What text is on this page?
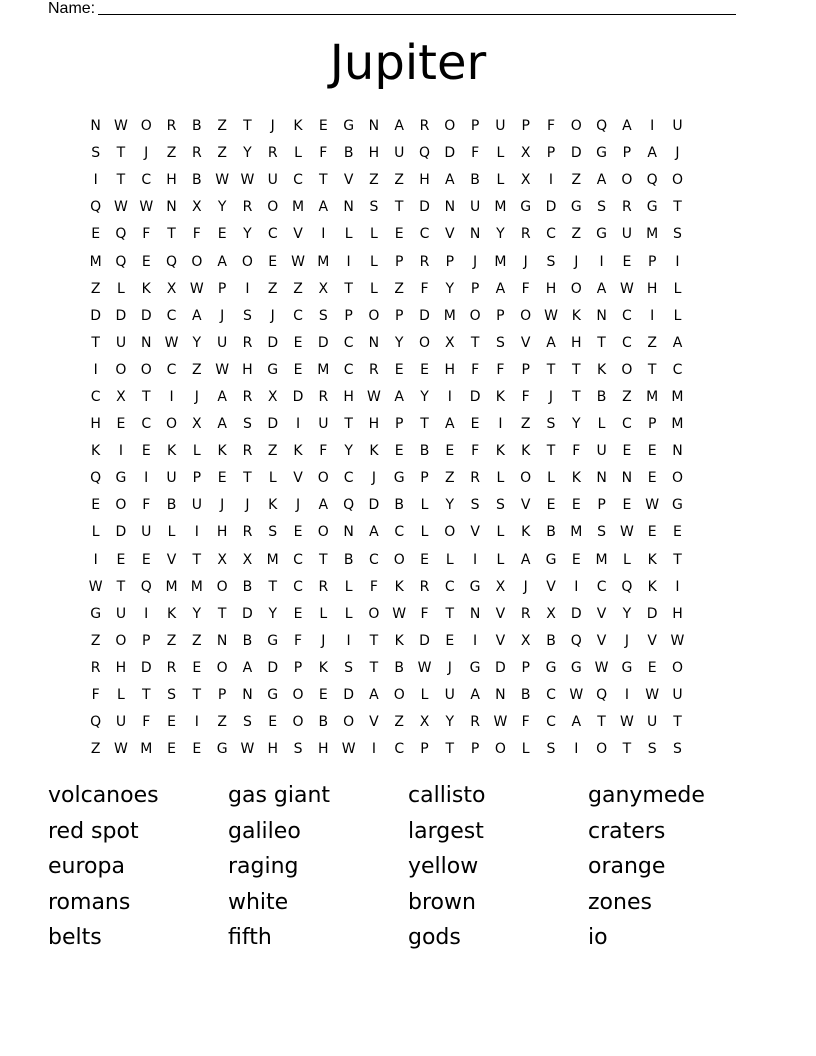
Name:
Jupiter
N W O	R	B	Z	T	J	K	E	G	N	A	R	O	P	U	P	F	O	Q	A	I	U
S	T	J	Z	R	Z	Y	R	L	F	B	H	U	Q	D	F	L	X	P	D	G	P	A	J
I	T	C	H	B W W U	C	T	V	Z	Z	H	A	B	L	X	I	Z	A	O	Q	O
Q W W N	X	Y	R	O M	A	N	S	T	D	N	U	M G	D	G	S	R	G	T
E	Q	F	T	F	E	Y	C	V	I	L	L	E	C	V	N	Y	R	C	Z	G	U	M	S
M Q	E	Q	O	A	O	E W M	I	L	P	R	P	J	M	J	S	J	I	E	P	I
Z	L	K	X W	P	I	Z	Z	X	T	L	Z	F	Y	P	A	F	H	O	A W H	L
D	D	D	C	A	J	S	J	C	S	P	O	P	D M O	P	O W K	N	C	I	L
T	U	N W	Y	U	R	D	E	D	C	N	Y	O	X	T	S	V	A	H	T	C	Z	A
I	O	O	C	Z W H	G	E	M	C	R	E	E	H	F	F	P	T	T	K	O	T	C
C	X	T	I	J	A	R	X	D	R	H W A	Y	I	D	K	F	J	T	B	Z	M M
H	E	C	O	X	A	S	D	I	U	T	H	P	T	A	E	I	Z	S	Y	L	C	P	M
K	I	E	K	L	K	R	Z	K	F	Y	K	E	B	E	F	K	K	T	F	U	E	E	N
Q	G	I	U	P	E	T	L	V	O	C	J	G	P	Z	R	L	O	L	K	N	N	E	O
E	O	F	B	U	J	J	K	J	A	Q	D	B	L	Y	S	S	V	E	E	P	E W G
L	D	U	L	I	H	R	S	E	O	N	A	C	L	O	V	L	K	B	M	S W E	E
I	E	E	V	T	X	X	M	C	T	B	C	O	E	L	I	L	A	G	E	M	L	K	T
W	T	Q M M O	B	T	C	R	L	F	K	R	C	G	X	J	V	I	C	Q	K	I
G	U	I	K	Y	T	D	Y	E	L	L	O W	F	T	N	V	R	X	D	V	Y	D	H
Z	O	P	Z	Z	N	B	G	F	J	I	T	K	D	E	I	V	X	B	Q	V	J	V W
R	H	D	R	E	O	A	D	P	K	S	T	B W	J	G	D	P	G	G W G	E	O
F	L	T	S	T	P	N	G	O	E	D	A	O	L	U	A	N	B	C W Q	I	W U
Q	U	F	E	I	Z	S	E	O	B	O	V	Z	X	Y	R W	F	C	A	T	W U	T
Z W M	E	E	G W H	S	H W	I	C	P	T	P	O	L	S	I	O	T	S	S
volcanoes	gas giant	callisto	ganymede
red spot	galileo	largest	craters
europa	raging	yellow	orange
romans	white	brown	zones
belts	fifth	gods	io
